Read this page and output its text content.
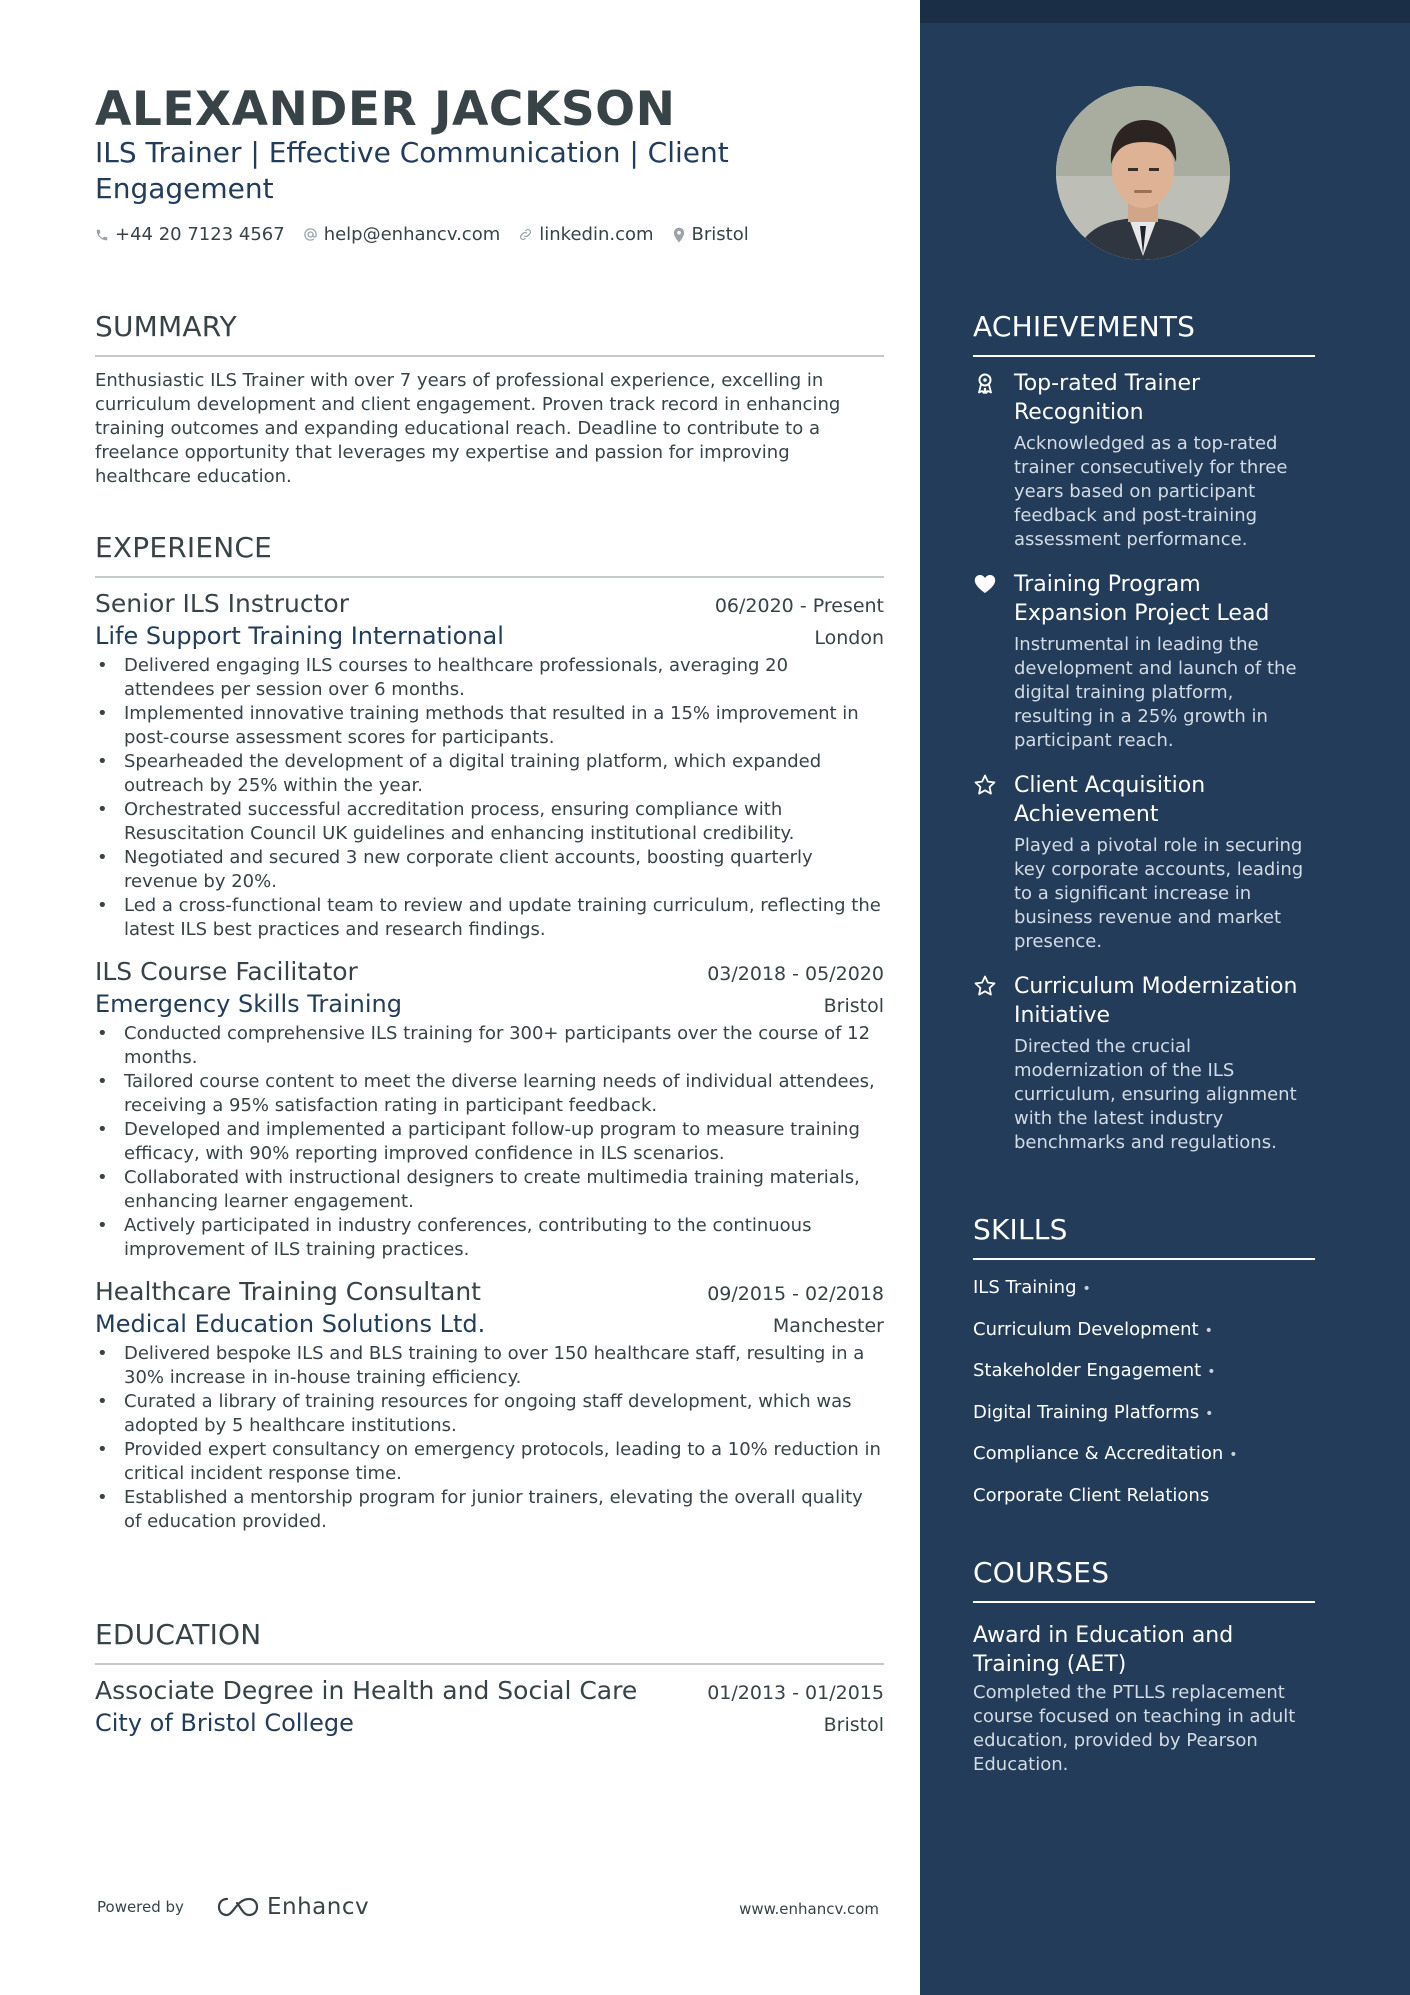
ALEXANDER JACKSON
ILS Trainer | Effective Communication | Client Engagement
+44 20 7123 4567 help@enhancv.com linkedin.com Bristol
SUMMARY

Enthusiastic ILS Trainer with over 7 years of professional experience, excelling in curriculum development and client engagement. Proven track record in enhancing training outcomes and expanding educational reach. Deadline to contribute to a freelance opportunity that leverages my expertise and passion for improving healthcare education.

EXPERIENCE
Senior ILS Instructor	06/2020 - Present
Life Support Training International	London
• Delivered engaging ILS courses to healthcare professionals, averaging 20 attendees per session over 6 months.
• Implemented innovative training methods that resulted in a 15% improvement in post-course assessment scores for participants.
• Spearheaded the development of a digital training platform, which expanded outreach by 25% within the year.
• Orchestrated successful accreditation process, ensuring compliance with Resuscitation Council UK guidelines and enhancing institutional credibility.
• Negotiated and secured 3 new corporate client accounts, boosting quarterly revenue by 20%.
• Led a cross-functional team to review and update training curriculum, reflecting the latest ILS best practices and research findings.
ILS Course Facilitator	03/2018 - 05/2020
Emergency Skills Training	Bristol
• Conducted comprehensive ILS training for 300+ participants over the course of 12 months.
• Tailored course content to meet the diverse learning needs of individual attendees, receiving a 95% satisfaction rating in participant feedback.
• Developed and implemented a participant follow-up program to measure training efficacy, with 90% reporting improved confidence in ILS scenarios.
• Collaborated with instructional designers to create multimedia training materials, enhancing learner engagement.
• Actively participated in industry conferences, contributing to the continuous improvement of ILS training practices.
Healthcare Training Consultant	09/2015 - 02/2018
Medical Education Solutions Ltd.	Manchester
• Delivered bespoke ILS and BLS training to over 150 healthcare staff, resulting in a 30% increase in in-house training efficiency.
• Curated a library of training resources for ongoing staff development, which was adopted by 5 healthcare institutions.
• Provided expert consultancy on emergency protocols, leading to a 10% reduction in critical incident response time.
• Established a mentorship program for junior trainers, elevating the overall quality of education provided.
EDUCATION
Associate Degree in Health and Social Care	01/2013 - 01/2015
City of Bristol College	Bristol
Powered by	Enhancv	www.enhancv.com
ACHIEVEMENTS
Top-rated Trainer Recognition
Acknowledged as a top-rated trainer consecutively for three years based on participant feedback and post-training assessment performance.
Training Program Expansion Project Lead
Instrumental in leading the development and launch of the digital training platform, resulting in a 25% growth in participant reach.
Client Acquisition Achievement
Played a pivotal role in securing key corporate accounts, leading to a significant increase in business revenue and market presence.
Curriculum Modernization Initiative
Directed the crucial modernization of the ILS curriculum, ensuring alignment with the latest industry benchmarks and regulations.
SKILLS
ILS Training •
Curriculum Development •
Stakeholder Engagement •
Digital Training Platforms •
Compliance & Accreditation •
Corporate Client Relations
COURSES
Award in Education and Training (AET)
Completed the PTLLS replacement course focused on teaching in adult education, provided by Pearson Education.
